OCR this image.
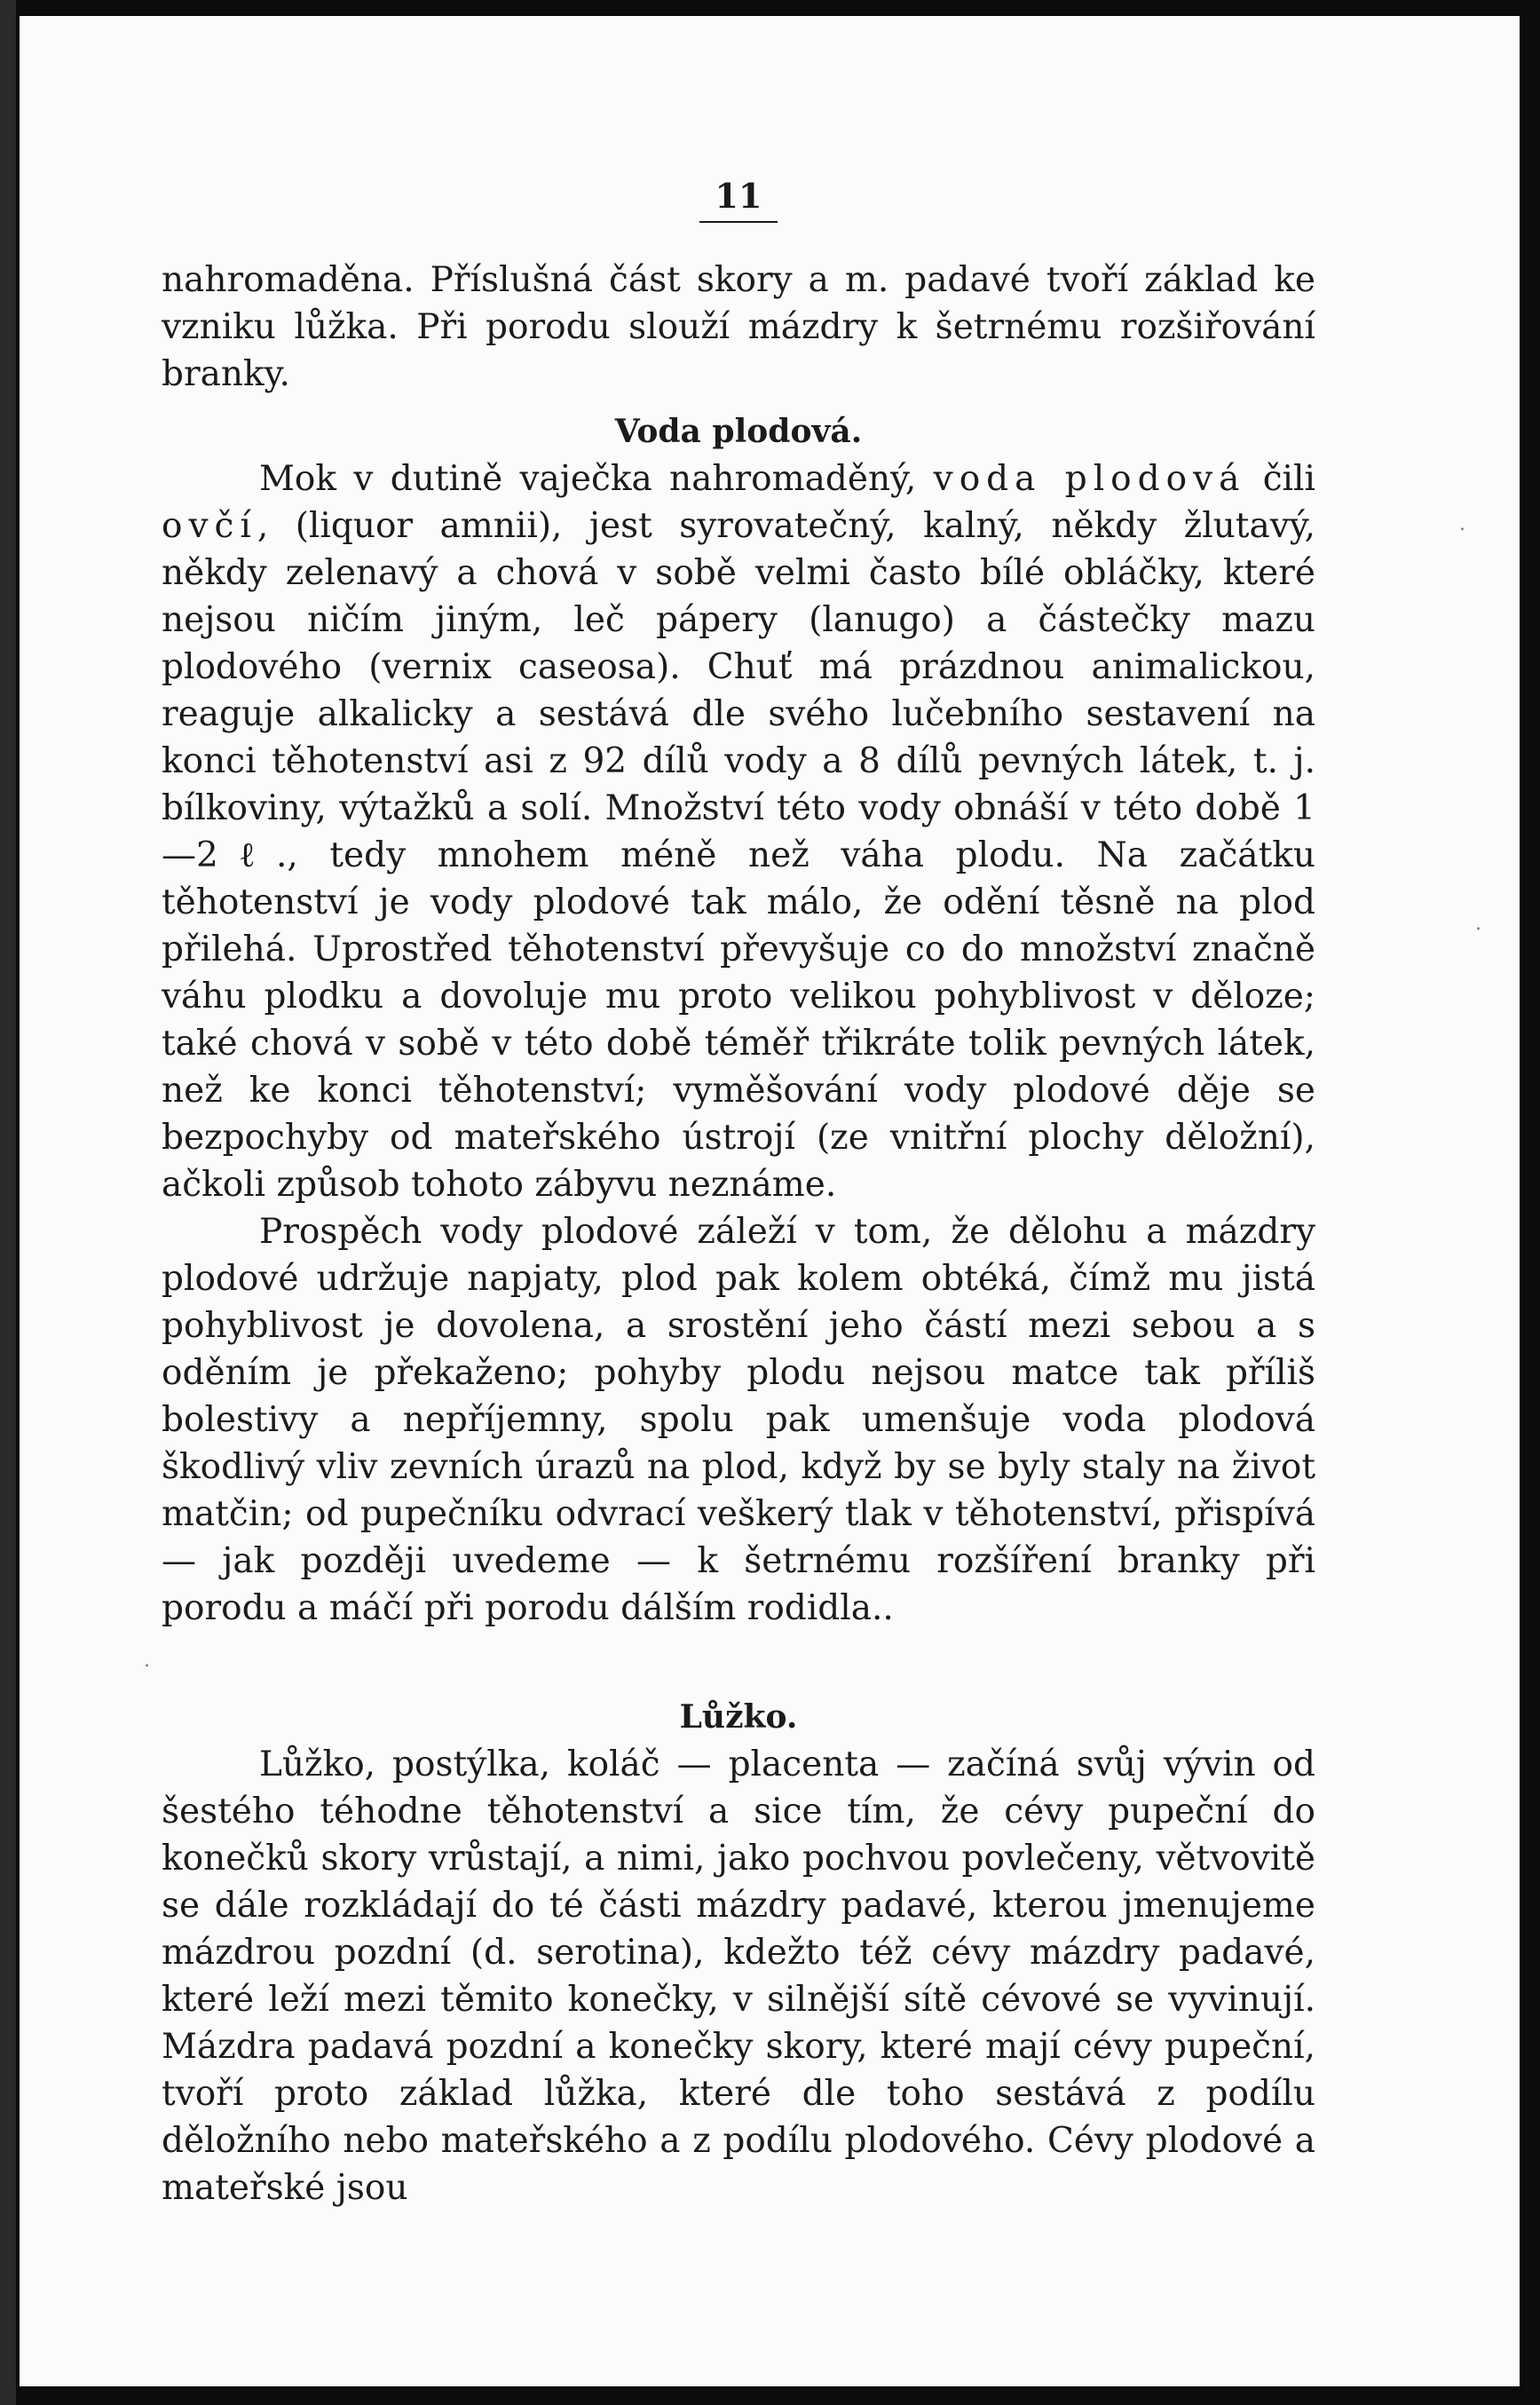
11

nahromaděna. Příslušná část skory a m. padavé tvoří základ ke vzniku lůžka. Při porodu slouží mázdry k šetrnému rozšiřování branky.

Voda plodová.

Mok v dutině vaječka nahromaděný, voda plodová čili ovčí, (liquor amnii), jest syrovatečný, kalný, někdy žlutavý, někdy zelenavý a chová v sobě velmi často bílé obláčky, které nejsou ničím jiným, leč pápery (lanugo) a částečky mazu plodového (vernix caseosa). Chuť má prázdnou animalickou, reaguje alkalicky a sestává dle svého lučebního sestavení na konci těhotenství asi z 92 dílů vody a 8 dílů pevných látek, t. j. bílkoviny, výtažků a solí. Množství této vody obnáší v této době 1—2ℓ., tedy mnohem méně než váha plodu. Na začátku těhotenství je vody plodové tak málo, že odění těsně na plod přilehá. Uprostřed těhotenství převyšuje co do množství značně váhu plodku a dovoluje mu proto velikou pohyblivost v děloze; také chová v sobě v této době téměř třikráte tolik pevných látek, než ke konci těhotenství; vyměšování vody plodové děje se bezpochyby od mateřského ústrojí (ze vnitřní plochy děložní), ačkoli způsob tohoto zábyvu neznáme.

Prospěch vody plodové záleží v tom, že dělohu a mázdry plodové udržuje napjaty, plod pak kolem obtéká, čímž mu jistá pohyblivost je dovolena, a srostění jeho částí mezi sebou a s oděním je překaženo; pohyby plodu nejsou matce tak příliš bolestivy a nepříjemny, spolu pak umenšuje voda plodová škodlivý vliv zevních úrazů na plod, když by se byly staly na život matčin; od pupečníku odvrací veškerý tlak v těhotenství, přispívá — jak později uvedeme — k šetrnému rozšíření branky při porodu a máčí při porodu dálším rodidla..

Lůžko.

Lůžko, postýlka, koláč — placenta — začíná svůj vývin od šestého téhodne těhotenství a sice tím, že cévy pupeční do konečků skory vrůstají, a nimi, jako pochvou povlečeny, větvovitě se dále rozkládají do té části mázdry padavé, kterou jmenujeme mázdrou pozdní (d. serotina), kdežto též cévy mázdry padavé, které leží mezi těmito konečky, v silnější sítě cévové se vyvinují. Mázdra padavá pozdní a konečky skory, které mají cévy pupeční, tvoří proto základ lůžka, které dle toho sestává z podílu děložního nebo mateřského a z podílu plodového. Cévy plodové a mateřské jsou

.
.
.
